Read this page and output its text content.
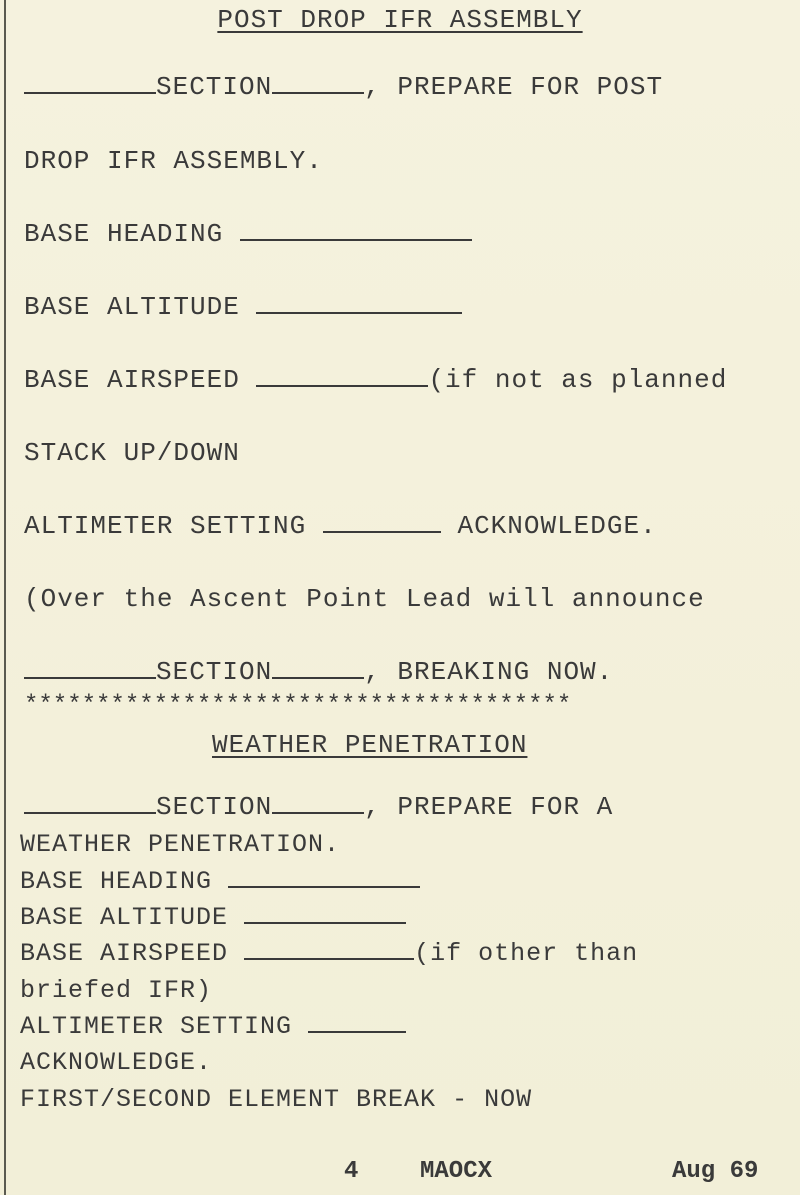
POST DROP IFR ASSEMBLY
SECTION	, PREPARE FOR POST
DROP IFR ASSEMBLY.
BASE HEADING
BASE ALTITUDE
BASE AIRSPEED	(if not as planned
STACK UP/DOWN
ALTIMETER SETTING	ACKNOWLEDGE.
(Over the Ascent Point Lead will announce
SECTION	, BREAKING NOW.
**************************************
WEATHER PENETRATION
SECTION	, PREPARE FOR A
WEATHER PENETRATION.
BASE HEADING
BASE ALTITUDE
BASE AIRSPEED	(if other than
briefed IFR)
ALTIMETER SETTING
ACKNOWLEDGE.
FIRST/SECOND ELEMENT BREAK - NOW
4	MAOCX	Aug 69
